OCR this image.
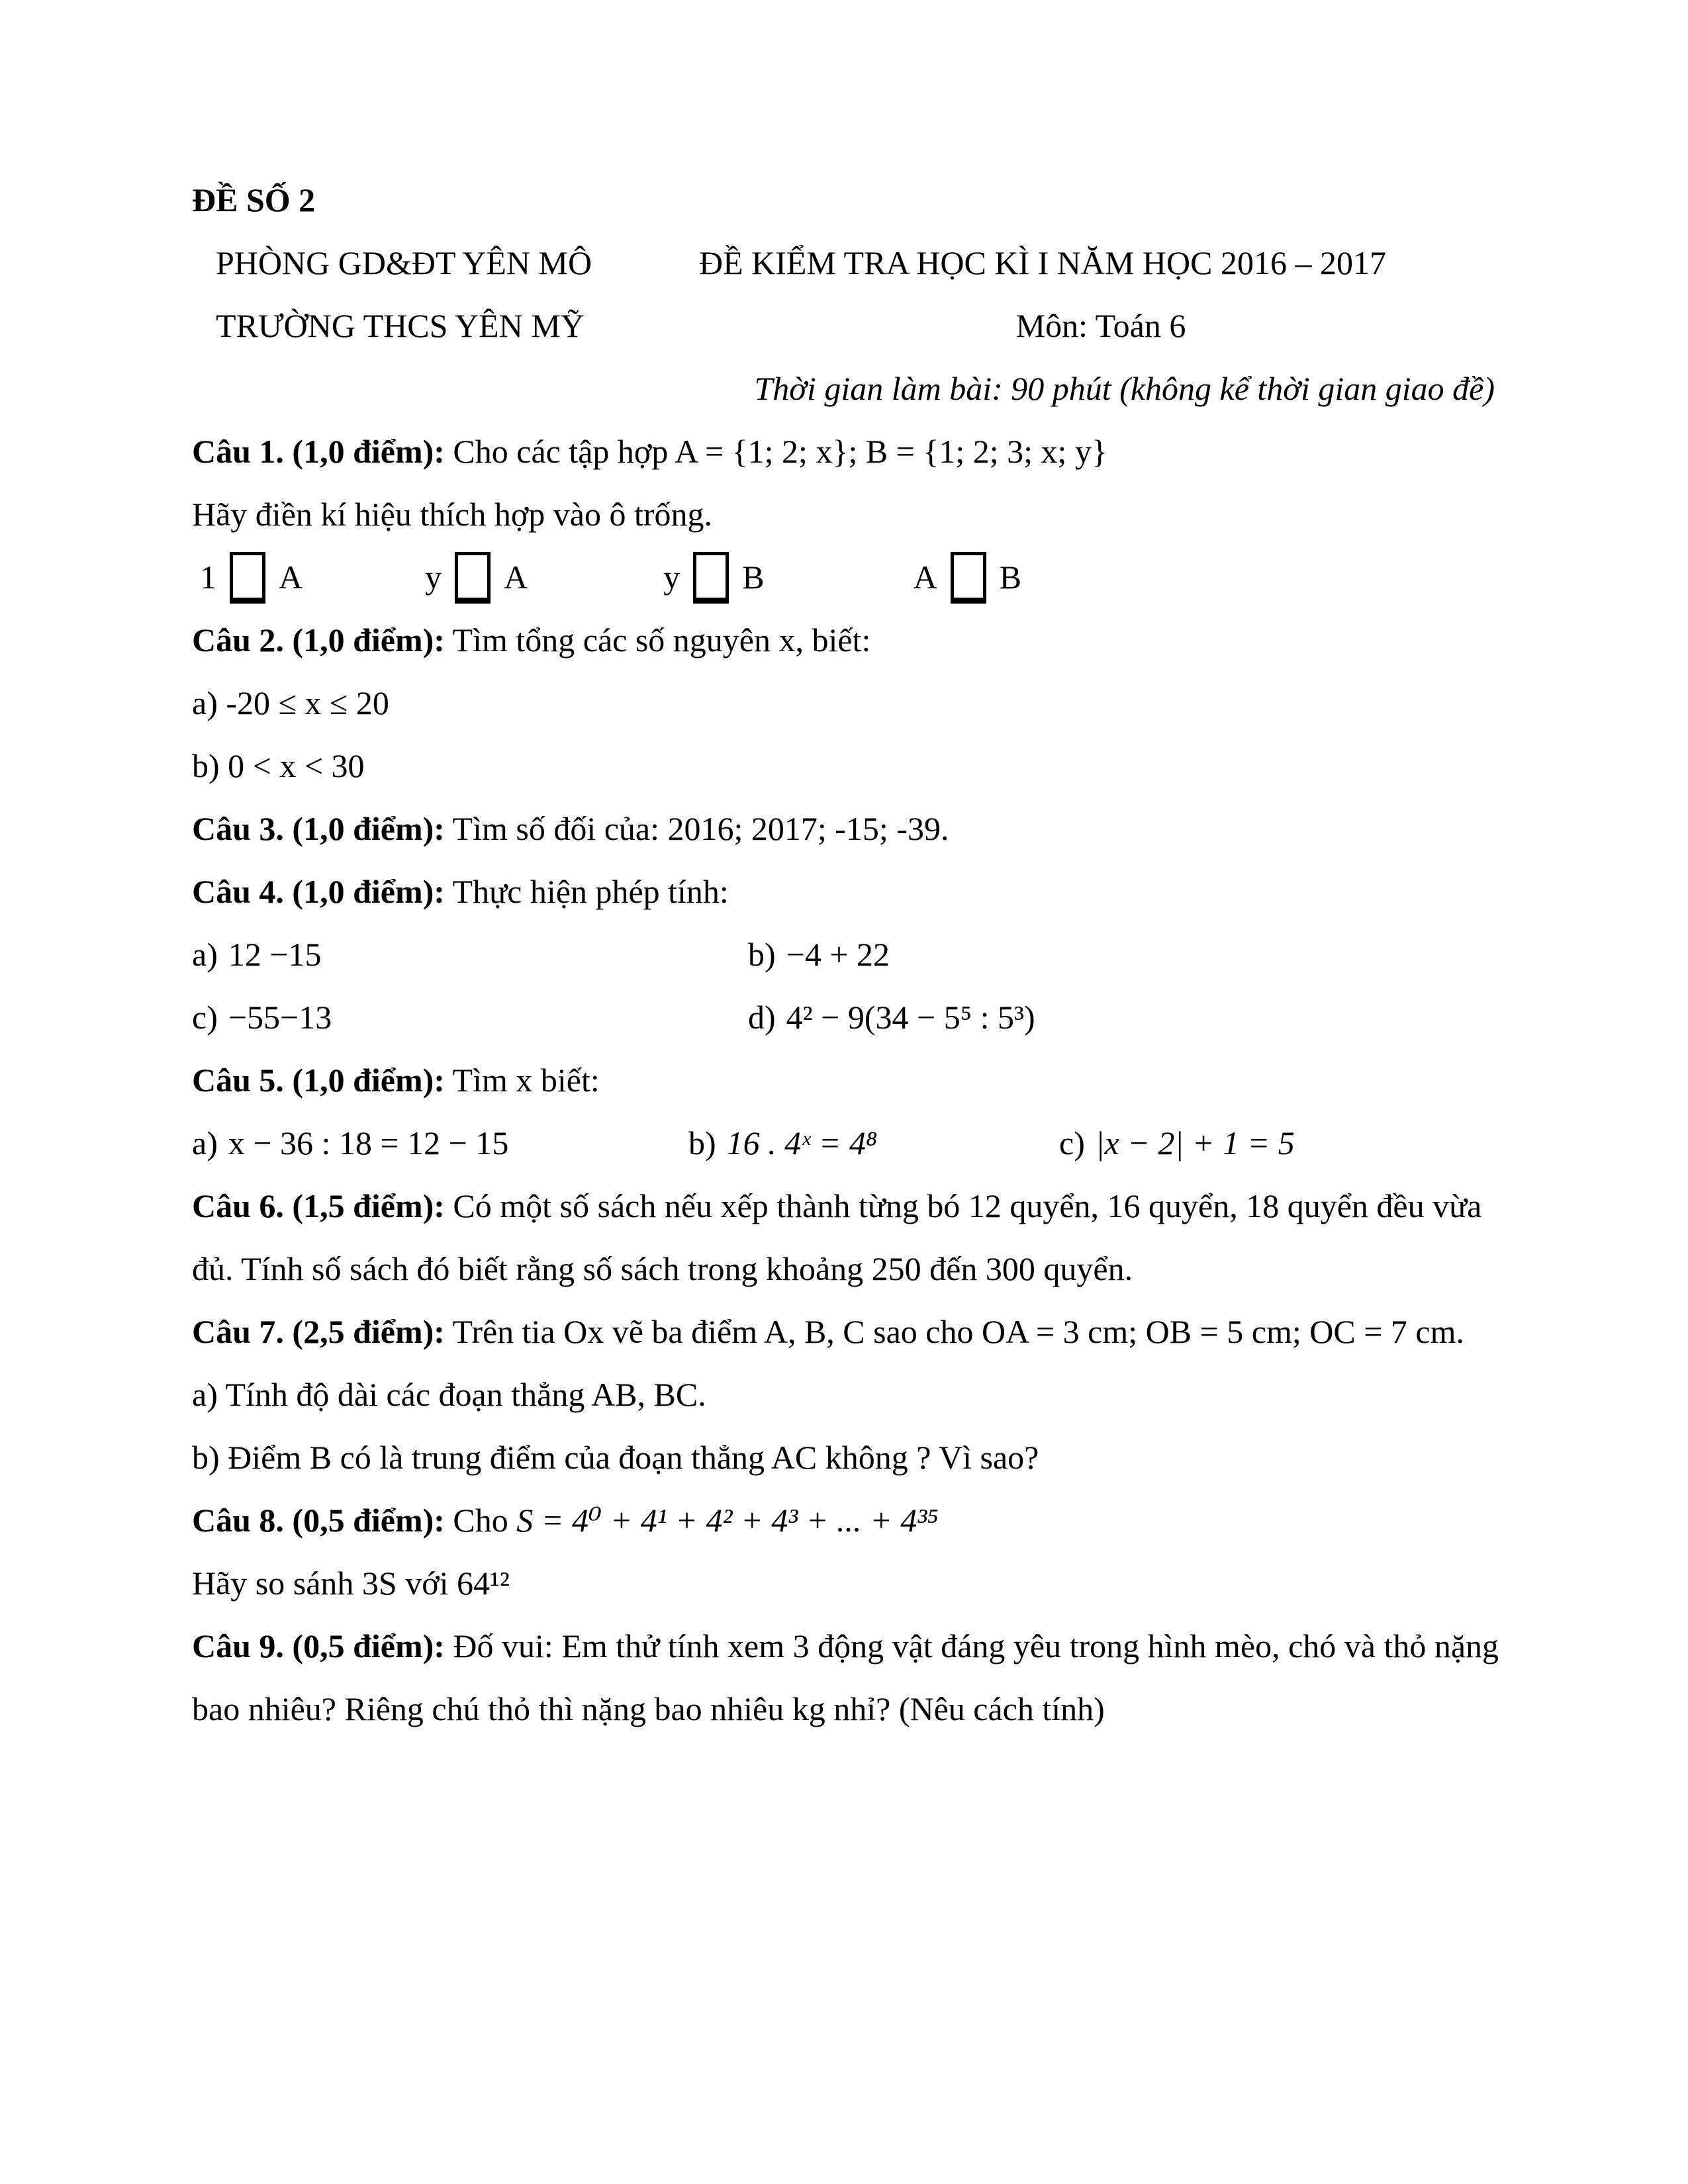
ĐỀ SỐ 2

PHÒNG GD&ĐT YÊN MÔ	ĐỀ KIỂM TRA HỌC KÌ I NĂM HỌC 2016 – 2017
TRƯỜNG THCS YÊN MỸ	Môn: Toán 6

Thời gian làm bài: 90 phút (không kể thời gian giao đề)

Câu 1. (1,0 điểm): Cho các tập hợp A = {1; 2; x}; B = {1; 2; 3; x; y}

Hãy điền kí hiệu thích hợp vào ô trống.

1 A	y A	y B	A B

Câu 2. (1,0 điểm): Tìm tổng các số nguyên x, biết:

a) -20 ≤ x ≤ 20

b) 0 < x < 30

Câu 3. (1,0 điểm): Tìm số đối của: 2016; 2017; -15; -39.

Câu 4. (1,0 điểm): Thực hiện phép tính:

a) 12 −15	b) −4 + 22
c) −55−13	d) 4² − 9(34 − 5⁵ : 5³)

Câu 5. (1,0 điểm): Tìm x biết:

a) x − 36 : 18 = 12 − 15	b) 16 . 4ˣ = 4⁸	c) |x − 2| + 1 = 5

Câu 6. (1,5 điểm): Có một số sách nếu xếp thành từng bó 12 quyển, 16 quyển, 18 quyển đều vừa đủ. Tính số sách đó biết rằng số sách trong khoảng 250 đến 300 quyển.

Câu 7. (2,5 điểm): Trên tia Ox vẽ ba điểm A, B, C sao cho OA = 3 cm; OB = 5 cm; OC = 7 cm.

a) Tính độ dài các đoạn thẳng AB, BC.

b) Điểm B có là trung điểm của đoạn thẳng AC không ? Vì sao?

Câu 8. (0,5 điểm): Cho S = 4⁰ + 4¹ + 4² + 4³ + ... + 4³⁵

Hãy so sánh 3S với 64¹²

Câu 9. (0,5 điểm): Đố vui: Em thử tính xem 3 động vật đáng yêu trong hình mèo, chó và thỏ nặng bao nhiêu? Riêng chú thỏ thì nặng bao nhiêu kg nhỉ? (Nêu cách tính)
